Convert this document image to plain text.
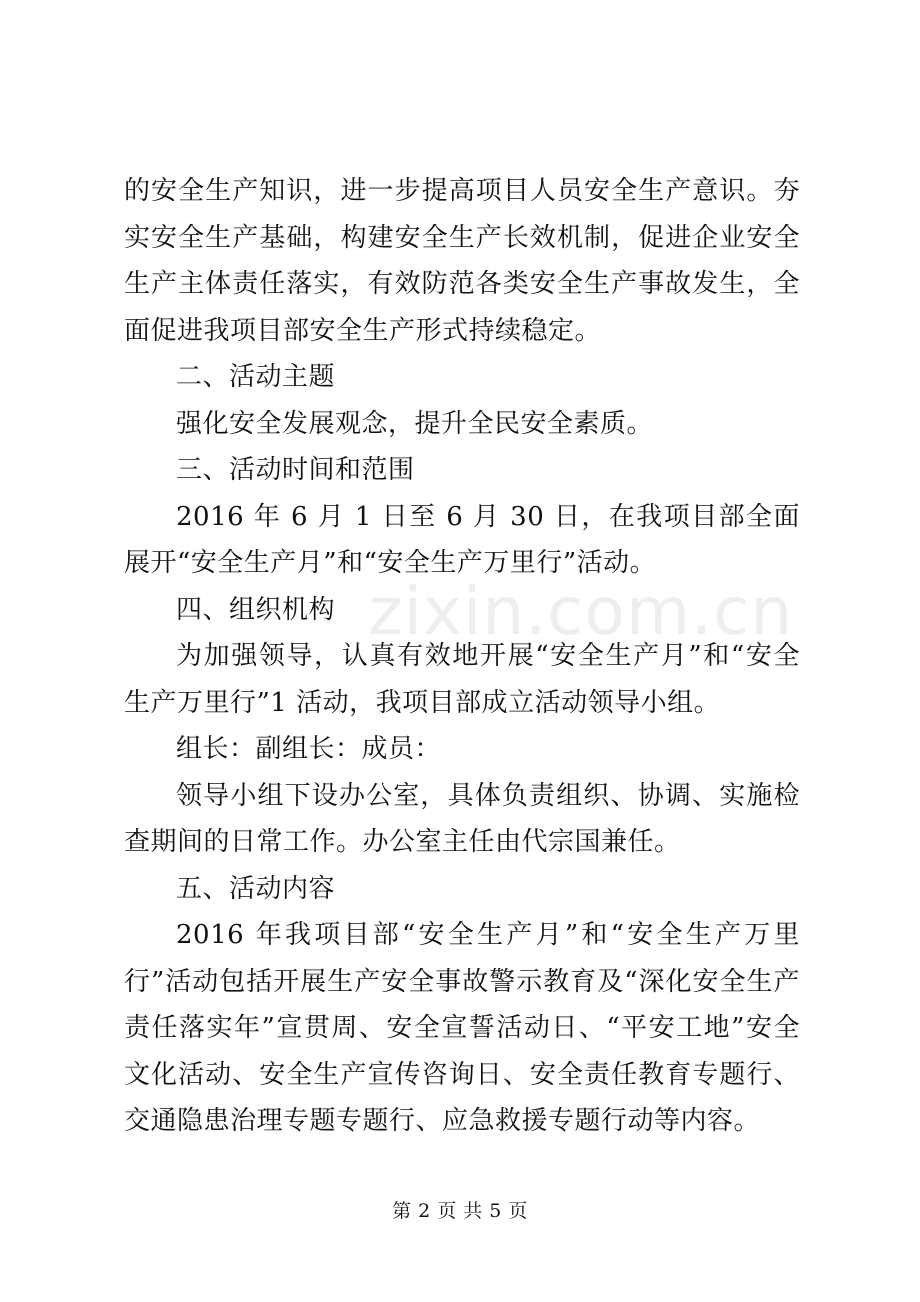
zixin.com.cn

的安全生产知识，进一步提高项目人员安全生产意识。夯实安全生产基础，构建安全生产长效机制，促进企业安全生产主体责任落实，有效防范各类安全生产事故发生，全面促进我项目部安全生产形式持续稳定。

二、活动主题

强化安全发展观念，提升全民安全素质。

三、活动时间和范围

2016 年 6 月 1 日至 6 月 30 日，在我项目部全面展开“安全生产月”和“安全生产万里行”活动。

四、组织机构

为加强领导，认真有效地开展“安全生产月”和“安全生产万里行”1 活动，我项目部成立活动领导小组。

组长：副组长：成员：

领导小组下设办公室，具体负责组织、协调、实施检查期间的日常工作。办公室主任由代宗国兼任。

五、活动内容

2016 年我项目部“安全生产月”和“安全生产万里行”活动包括开展生产安全事故警示教育及“深化安全生产责任落实年”宣贯周、安全宣誓活动日、“平安工地”安全文化活动、安全生产宣传咨询日、安全责任教育专题行、交通隐患治理专题专题行、应急救援专题行动等内容。

第 2 页 共 5 页
